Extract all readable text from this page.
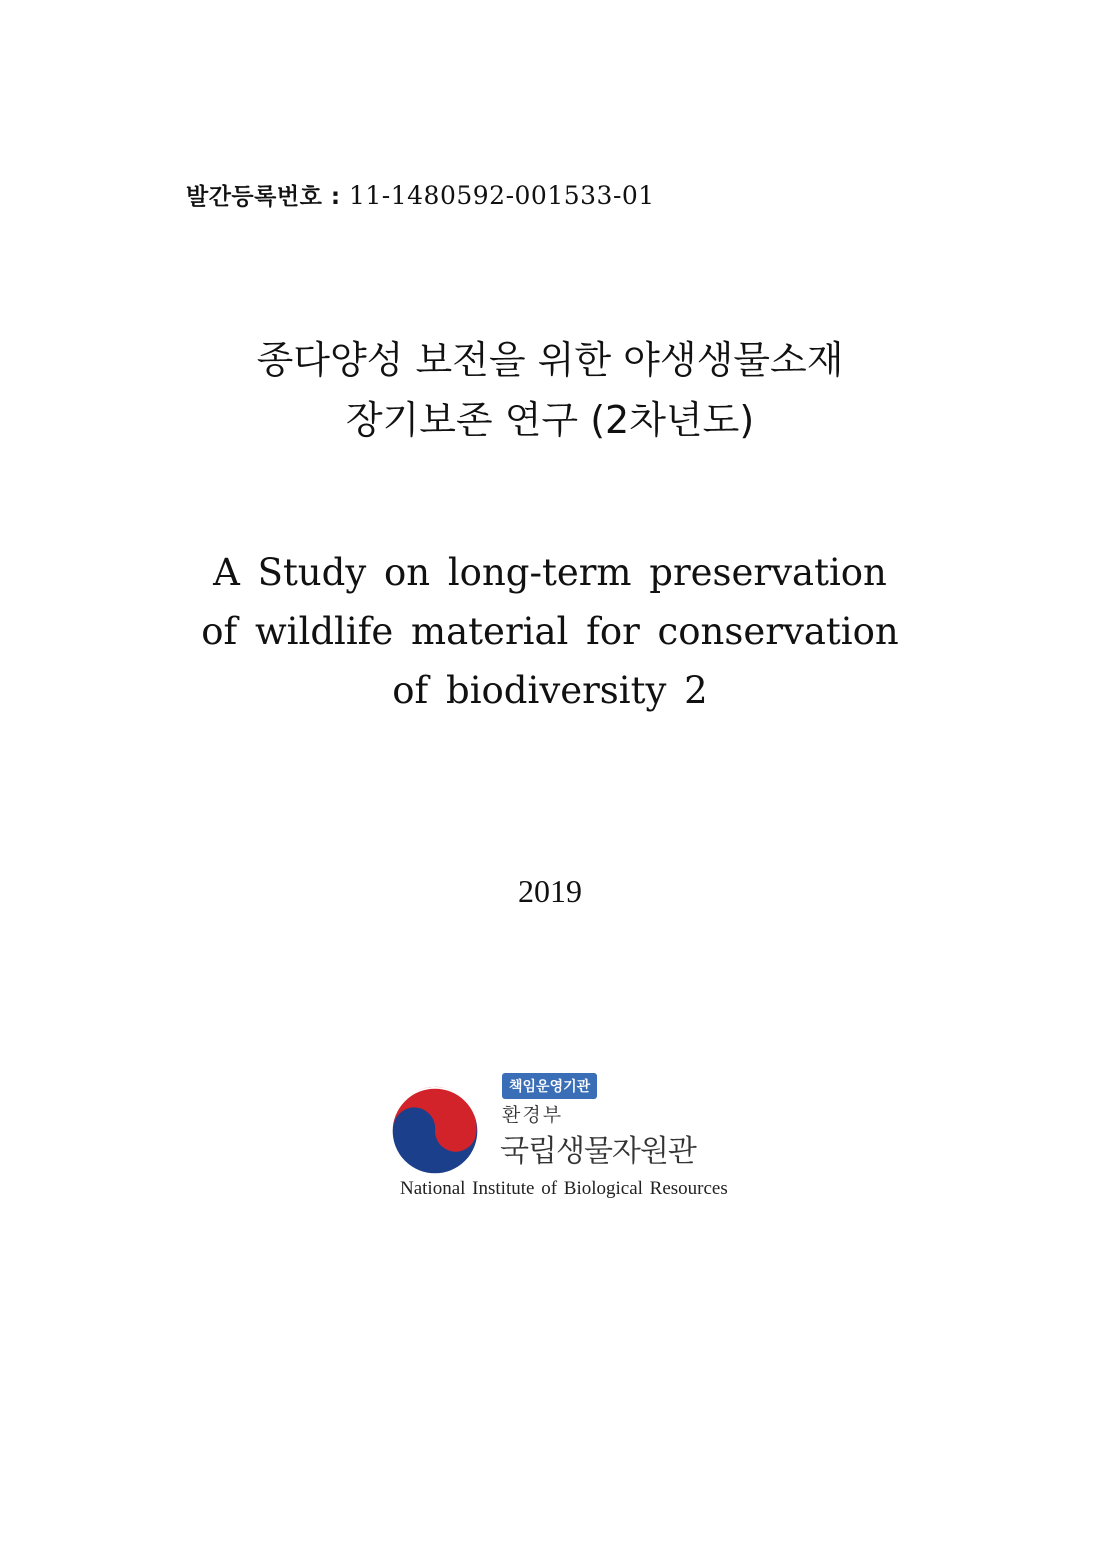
발간등록번호 : 11-1480592-001533-01
종다양성 보전을 위한 야생생물소재
장기보존 연구 (2차년도)
A Study on long-term preservation
of wildlife material for conservation
of biodiversity 2
2019
책임운영기관
환경부
국립생물자원관
National Institute of Biological Resources
